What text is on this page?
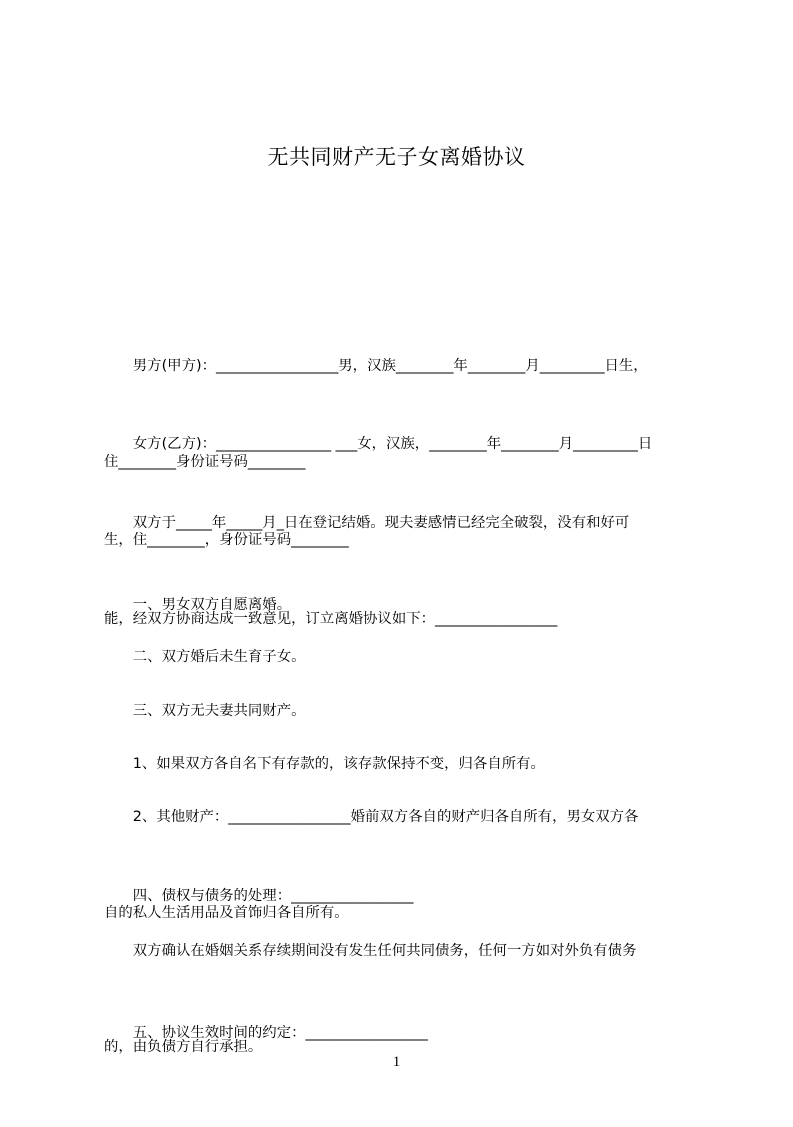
无共同财产无子女离婚协议

　　男方(甲方)：_________________男，汉族________年________月_________日生，

住________身份证号码________

　　女方(乙方)：________________ ___女，汉族，________年________月_________日

生，住________，身份证号码________

　　双方于_____年_____月_日在登记结婚。现夫妻感情已经完全破裂，没有和好可

能，经双方协商达成一致意见，订立离婚协议如下：_________________

　　一、男女双方自愿离婚。

　　二、双方婚后未生育子女。

　　三、双方无夫妻共同财产。

　　1、如果双方各自名下有存款的，该存款保持不变，归各自所有。

　　2、其他财产：_________________婚前双方各自的财产归各自所有，男女双方各

自的私人生活用品及首饰归各自所有。

　　四、债权与债务的处理：_________________

　　双方确认在婚姻关系存续期间没有发生任何共同债务，任何一方如对外负有债务

的，由负债方自行承担。

　　五、协议生效时间的约定：_________________

1
